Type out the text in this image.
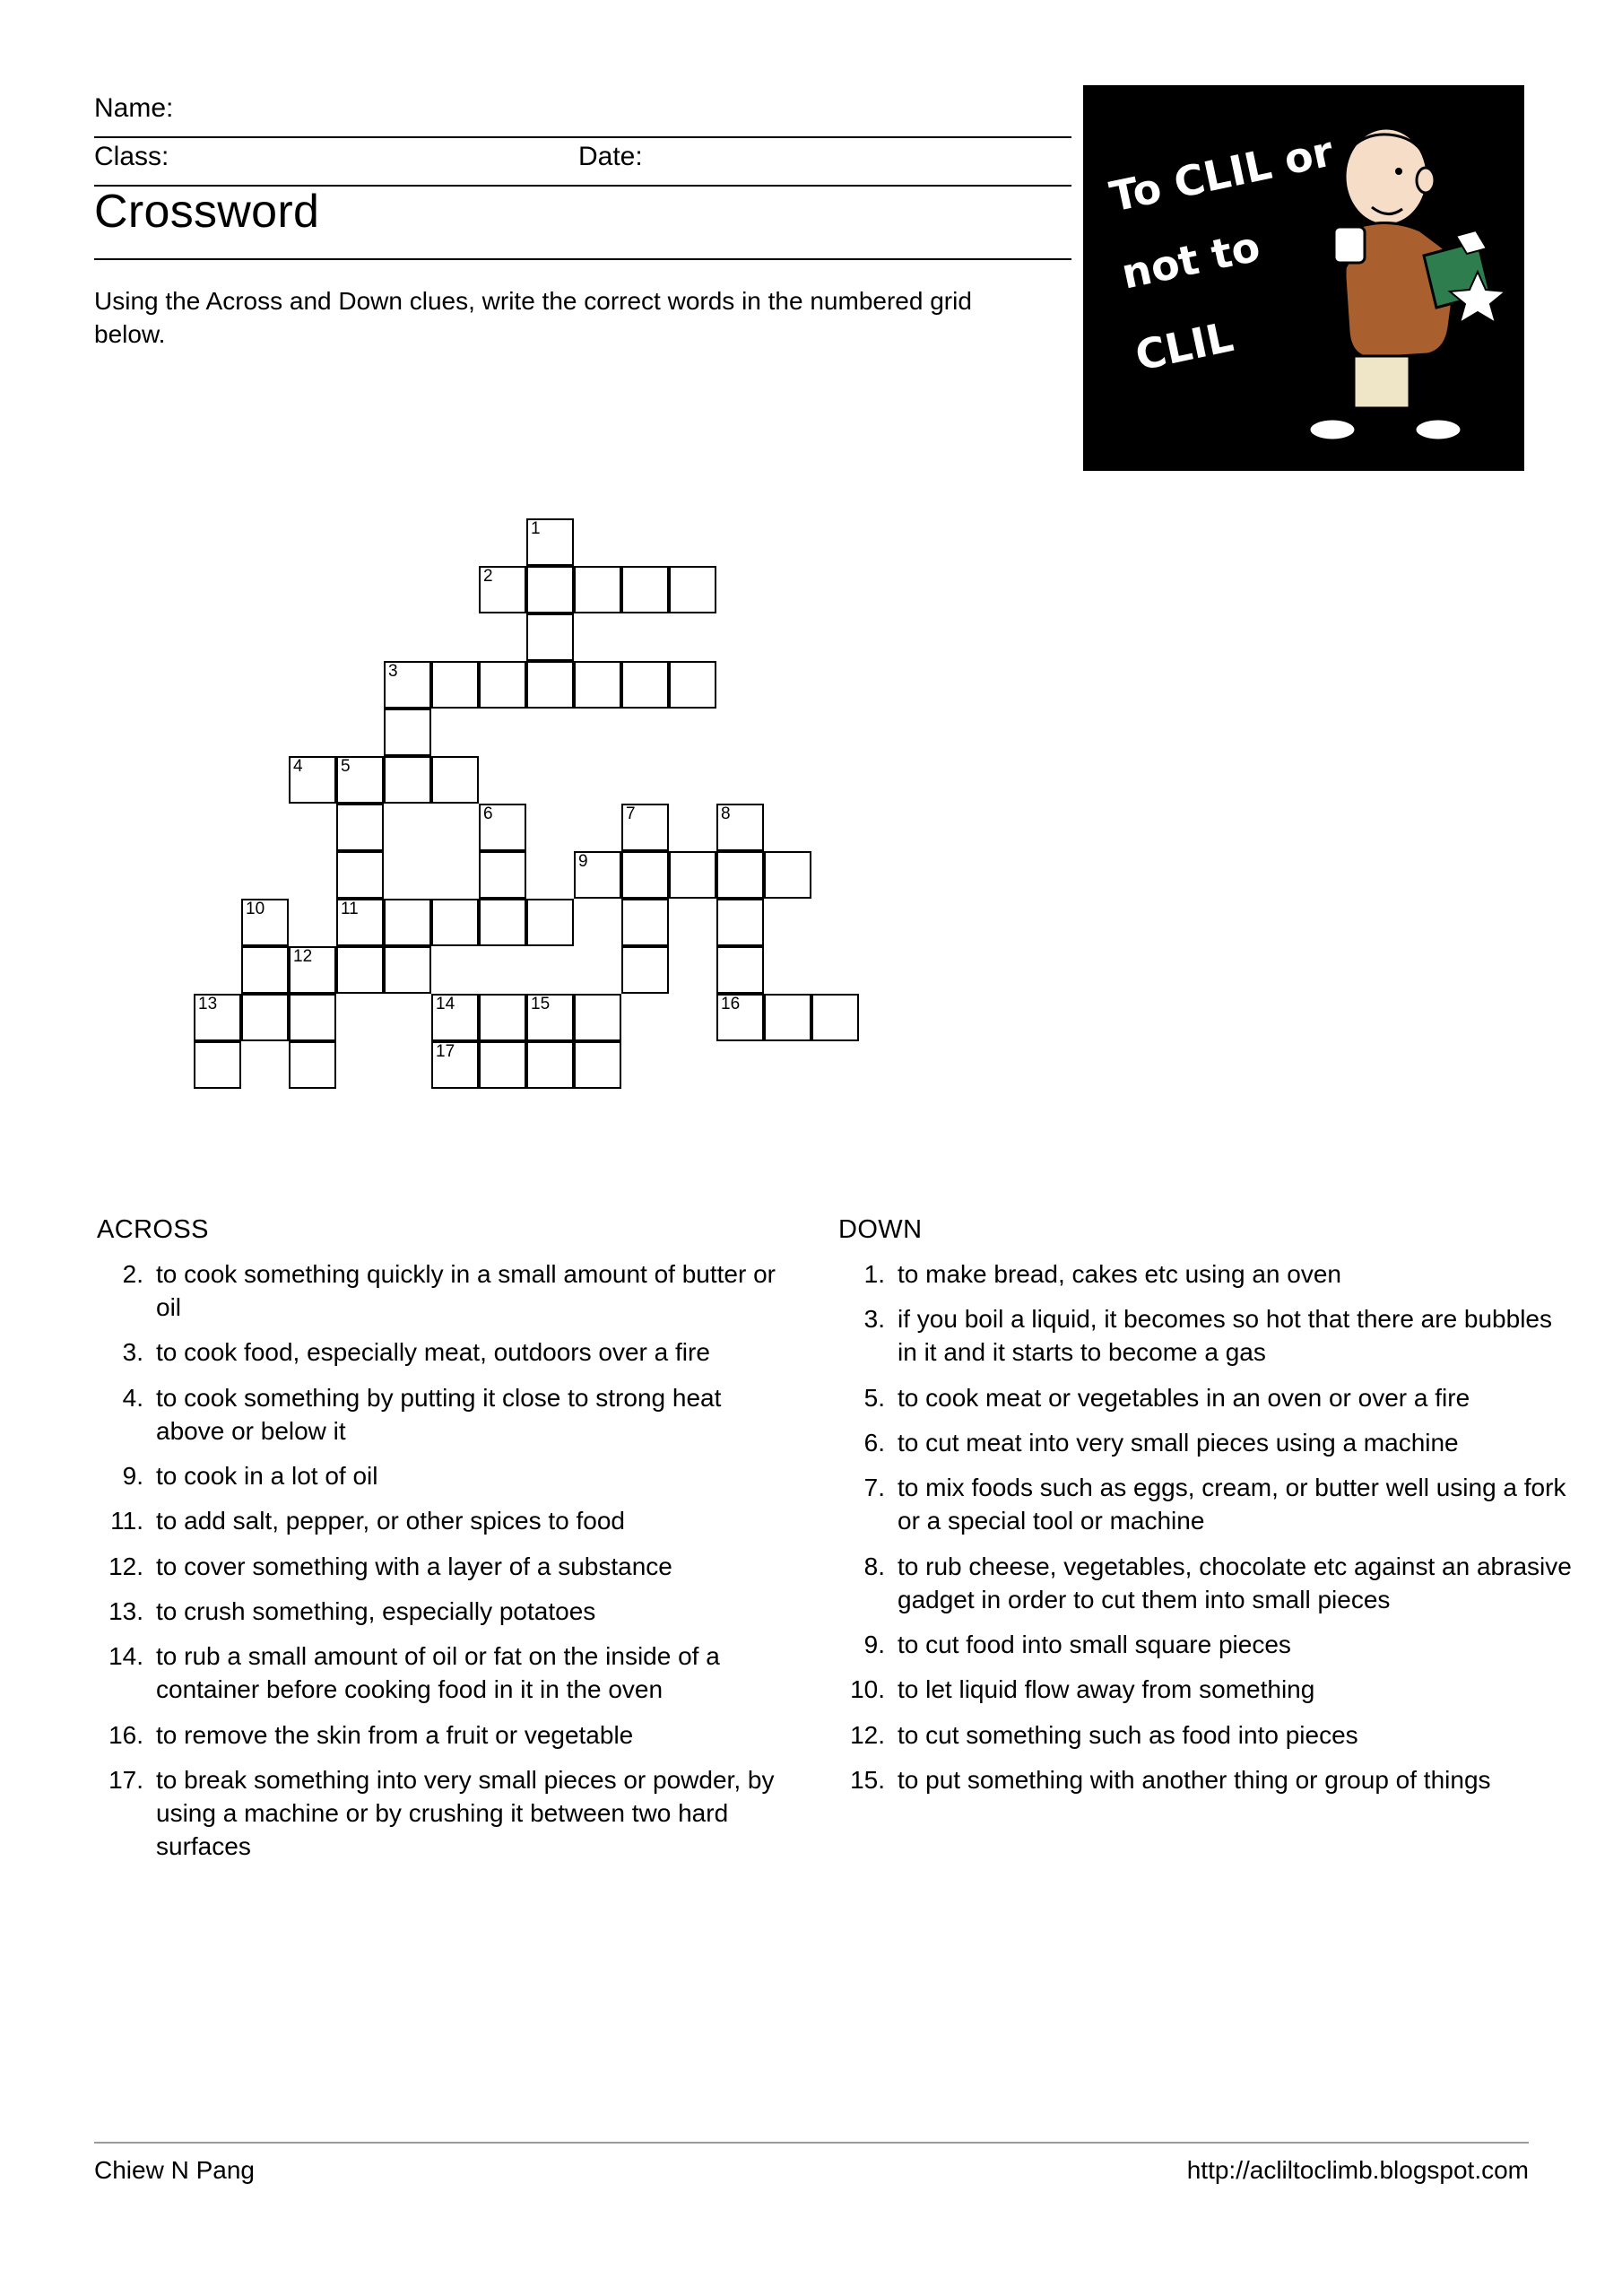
Name:
Class:	Date:
Crossword
Using the Across and Down clues, write the correct words in the numbered grid below.
To CLIL or
not to
CLIL
1
2
3
4 5
6	7	8
9
10	11
12
13	14	15	16
17
ACROSS
2. to cook something quickly in a small amount of butter or oil
3. to cook food, especially meat, outdoors over a fire
4. to cook something by putting it close to strong heat above or below it
9. to cook in a lot of oil
11. to add salt, pepper, or other spices to food
12. to cover something with a layer of a substance
13. to crush something, especially potatoes
14. to rub a small amount of oil or fat on the inside of a container before cooking food in it in the oven
16. to remove the skin from a fruit or vegetable
17. to break something into very small pieces or powder, by using a machine or by crushing it between two hard surfaces
DOWN
1. to make bread, cakes etc using an oven
3. if you boil a liquid, it becomes so hot that there are bubbles in it and it starts to become a gas
5. to cook meat or vegetables in an oven or over a fire
6. to cut meat into very small pieces using a machine
7. to mix foods such as eggs, cream, or butter well using a fork or a special tool or machine
8. to rub cheese, vegetables, chocolate etc against an abrasive gadget in order to cut them into small pieces
9. to cut food into small square pieces
10. to let liquid flow away from something
12. to cut something such as food into pieces
15. to put something with another thing or group of things
Chiew N Pang	http://acliltoclimb.blogspot.com
